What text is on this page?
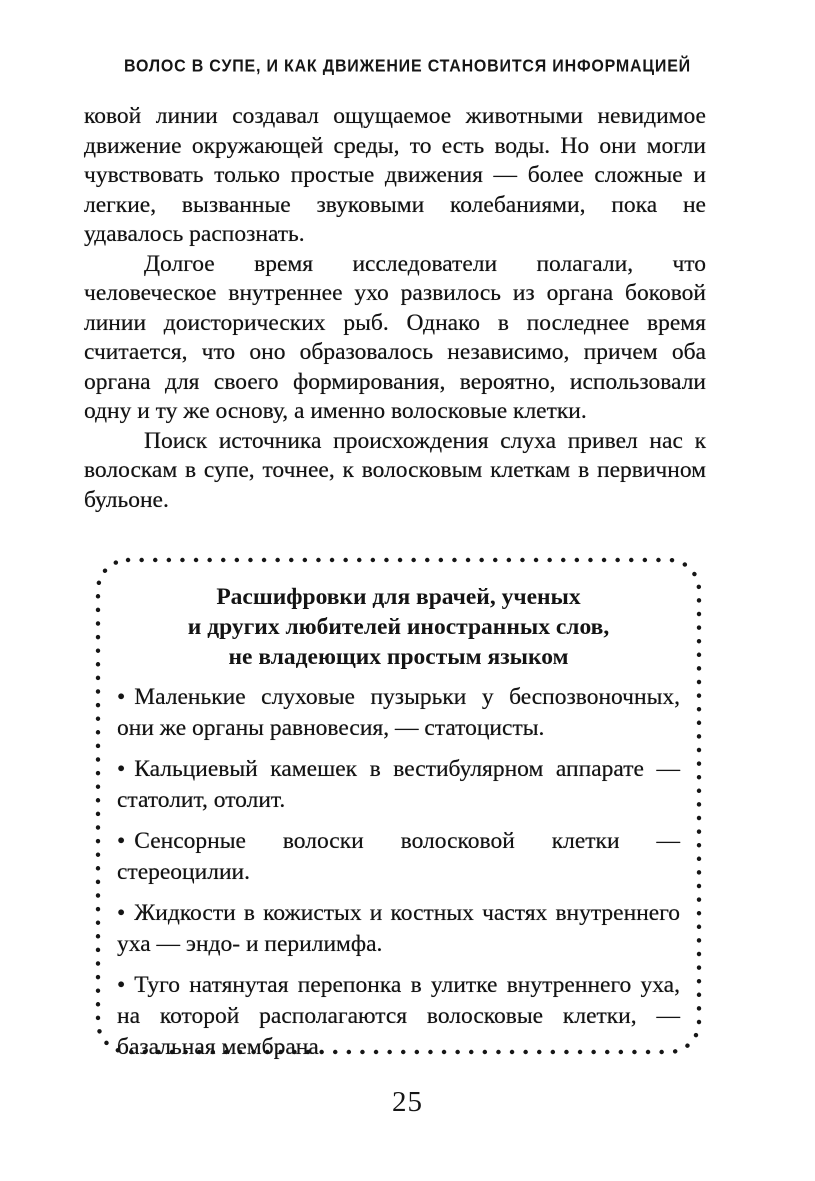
ВОЛОС В СУПЕ, И КАК ДВИЖЕНИЕ СТАНОВИТСЯ ИНФОРМАЦИЕЙ

ковой линии создавал ощущаемое животными невидимое движение окружающей среды, то есть воды. Но они могли чувствовать только простые движения — более сложные и легкие, вызванные звуковыми колебаниями, пока не удавалось распознать.

Долгое время исследователи полагали, что человеческое внутреннее ухо развилось из органа боковой линии доисторических рыб. Однако в последнее время считается, что оно образовалось независимо, причем оба органа для своего формирования, вероятно, использовали одну и ту же основу, а именно волосковые клетки.

Поиск источника происхождения слуха привел нас к волоскам в супе, точнее, к волосковым клеткам в первичном бульоне.

Расшифровки для врачей, ученых
и других любителей иностранных слов,
не владеющих простым языком

• Маленькие слуховые пузырьки у беспозвоночных, они же органы равновесия, — статоцисты.

• Кальциевый камешек в вестибулярном аппарате — статолит, отолит.

• Сенсорные волоски волосковой клетки — стереоцилии.

• Жидкости в кожистых и костных частях внутреннего уха — эндо- и перилимфа.

• Туго натянутая перепонка в улитке внутреннего уха, на которой располагаются волосковые клетки, — базальная мембрана.

25
